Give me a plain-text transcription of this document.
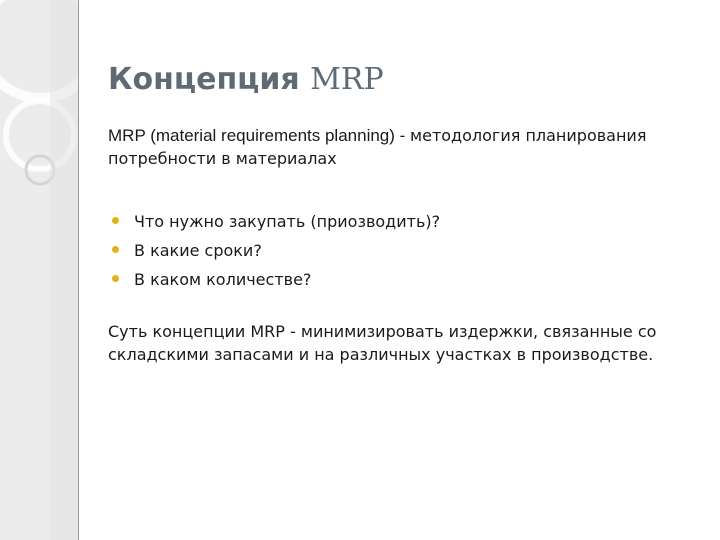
Концепция MRP

MRP (material requirements planning) - методология планирования потребности в материалах

Что нужно закупать (приозводить)?
В какие сроки?
В каком количестве?

Суть концепции MRP - минимизировать издержки, связанные со складскими запасами и на различных участках в производстве.
